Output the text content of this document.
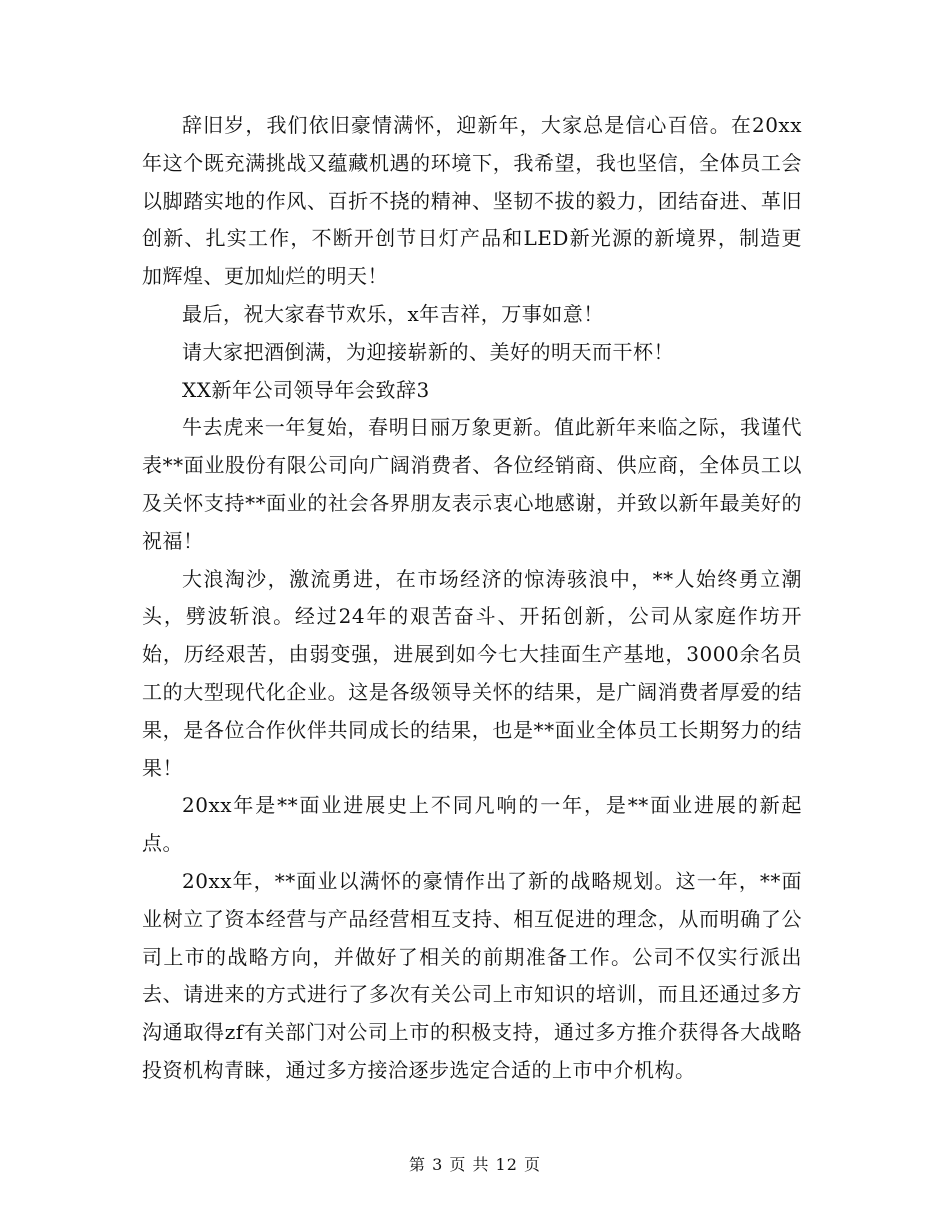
辞旧岁，我们依旧豪情满怀，迎新年，大家总是信心百倍。在20xx年这个既充满挑战又蕴藏机遇的环境下，我希望，我也坚信，全体员工会以脚踏实地的作风、百折不挠的精神、坚韧不拔的毅力，团结奋进、革旧创新、扎实工作，不断开创节日灯产品和LED新光源的新境界，制造更加辉煌、更加灿烂的明天！

最后，祝大家春节欢乐，x年吉祥，万事如意！

请大家把酒倒满，为迎接崭新的、美好的明天而干杯！

XX新年公司领导年会致辞3

牛去虎来一年复始，春明日丽万象更新。值此新年来临之际，我谨代表**面业股份有限公司向广阔消费者、各位经销商、供应商，全体员工以及关怀支持**面业的社会各界朋友表示衷心地感谢，并致以新年最美好的祝福！

大浪淘沙，激流勇进，在市场经济的惊涛骇浪中，**人始终勇立潮头，劈波斩浪。经过24年的艰苦奋斗、开拓创新，公司从家庭作坊开始，历经艰苦，由弱变强，进展到如今七大挂面生产基地，3000余名员工的大型现代化企业。这是各级领导关怀的结果，是广阔消费者厚爱的结果，是各位合作伙伴共同成长的结果，也是**面业全体员工长期努力的结果！

20xx年是**面业进展史上不同凡响的一年，是**面业进展的新起点。

20xx年，**面业以满怀的豪情作出了新的战略规划。这一年，**面业树立了资本经营与产品经营相互支持、相互促进的理念，从而明确了公司上市的战略方向，并做好了相关的前期准备工作。公司不仅实行派出去、请进来的方式进行了多次有关公司上市知识的培训，而且还通过多方沟通取得zf有关部门对公司上市的积极支持，通过多方推介获得各大战略投资机构青睐，通过多方接洽逐步选定合适的上市中介机构。

第 3 页 共 12 页
